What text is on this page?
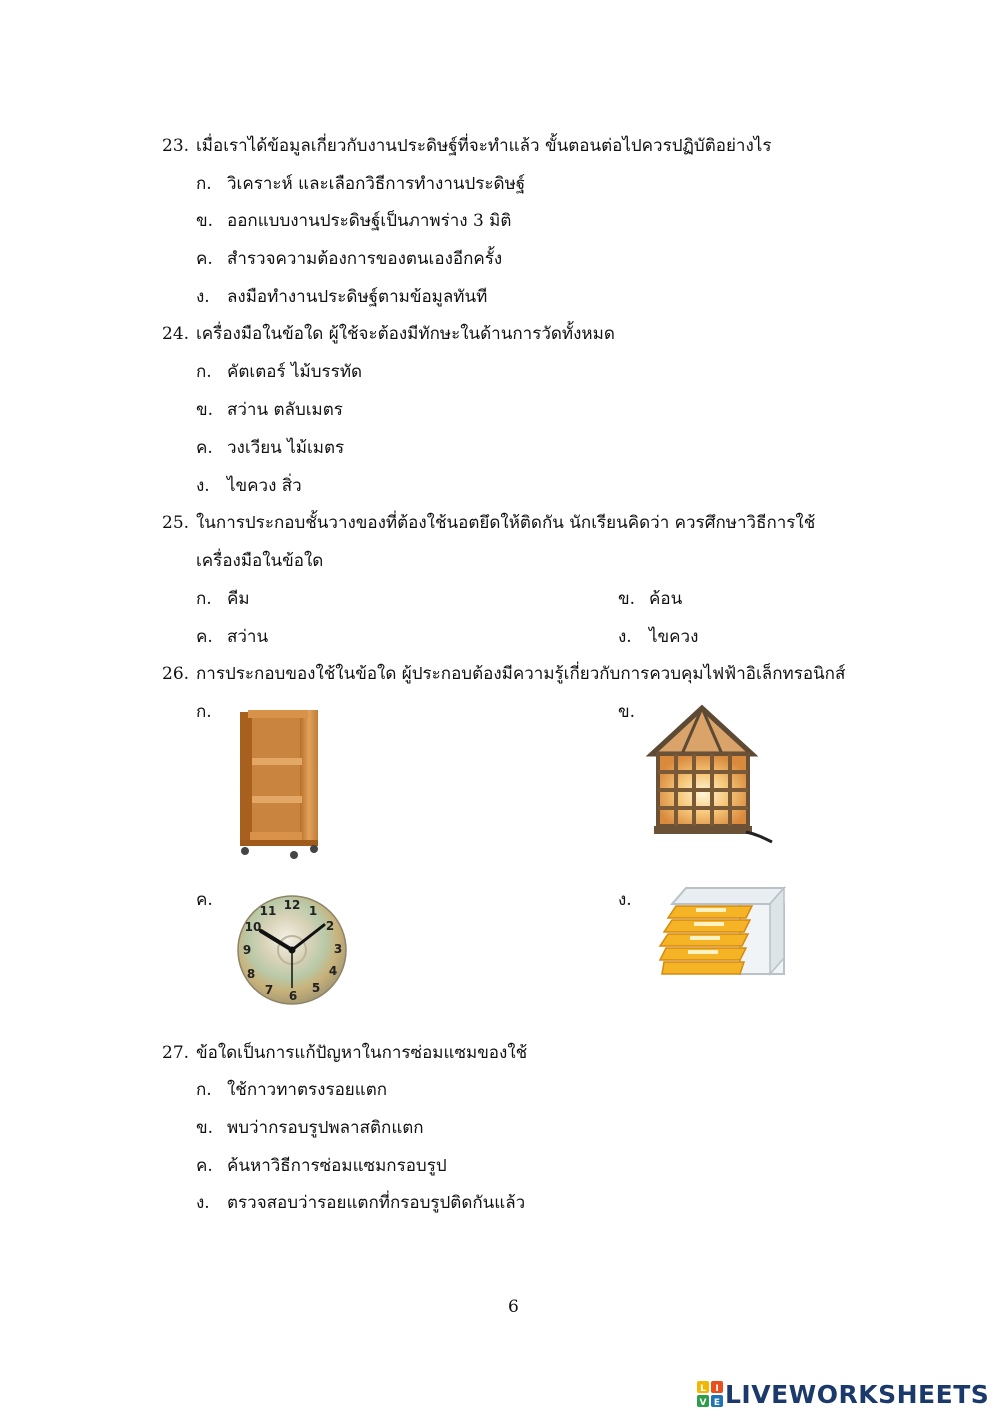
23. เมื่อเราได้ข้อมูลเกี่ยวกับงานประดิษฐ์ที่จะทำแล้ว ขั้นตอนต่อไปควรปฏิบัติอย่างไร
ก. วิเคราะห์ และเลือกวิธีการทำงานประดิษฐ์
ข. ออกแบบงานประดิษฐ์เป็นภาพร่าง 3 มิติ
ค. สำรวจความต้องการของตนเองอีกครั้ง
ง. ลงมือทำงานประดิษฐ์ตามข้อมูลทันที
24. เครื่องมือในข้อใด ผู้ใช้จะต้องมีทักษะในด้านการวัดทั้งหมด
ก. คัตเตอร์ ไม้บรรทัด
ข. สว่าน ตลับเมตร
ค. วงเวียน ไม้เมตร
ง. ไขควง สิ่ว
25. ในการประกอบชั้นวางของที่ต้องใช้นอตยึดให้ติดกัน นักเรียนคิดว่า ควรศึกษาวิธีการใช้
เครื่องมือในข้อใด
ก. คีม	ข. ค้อน
ค. สว่าน	ง. ไขควง
26. การประกอบของใช้ในข้อใด ผู้ประกอบต้องมีความรู้เกี่ยวกับการควบคุมไฟฟ้าอิเล็กทรอนิกส์
ก.	ข.
ค.	12 1
2
3
4
5
6
7
8
9
10
11
ง.
27. ข้อใดเป็นการแก้ปัญหาในการซ่อมแซมของใช้
ก. ใช้กาวทาตรงรอยแตก
ข. พบว่ากรอบรูปพลาสติกแตก
ค. ค้นหาวิธีการซ่อมแซมกรอบรูป
ง. ตรวจสอบว่ารอยแตกที่กรอบรูปติดกันแล้ว
6
L I
V E LIVEWORKSHEETS
